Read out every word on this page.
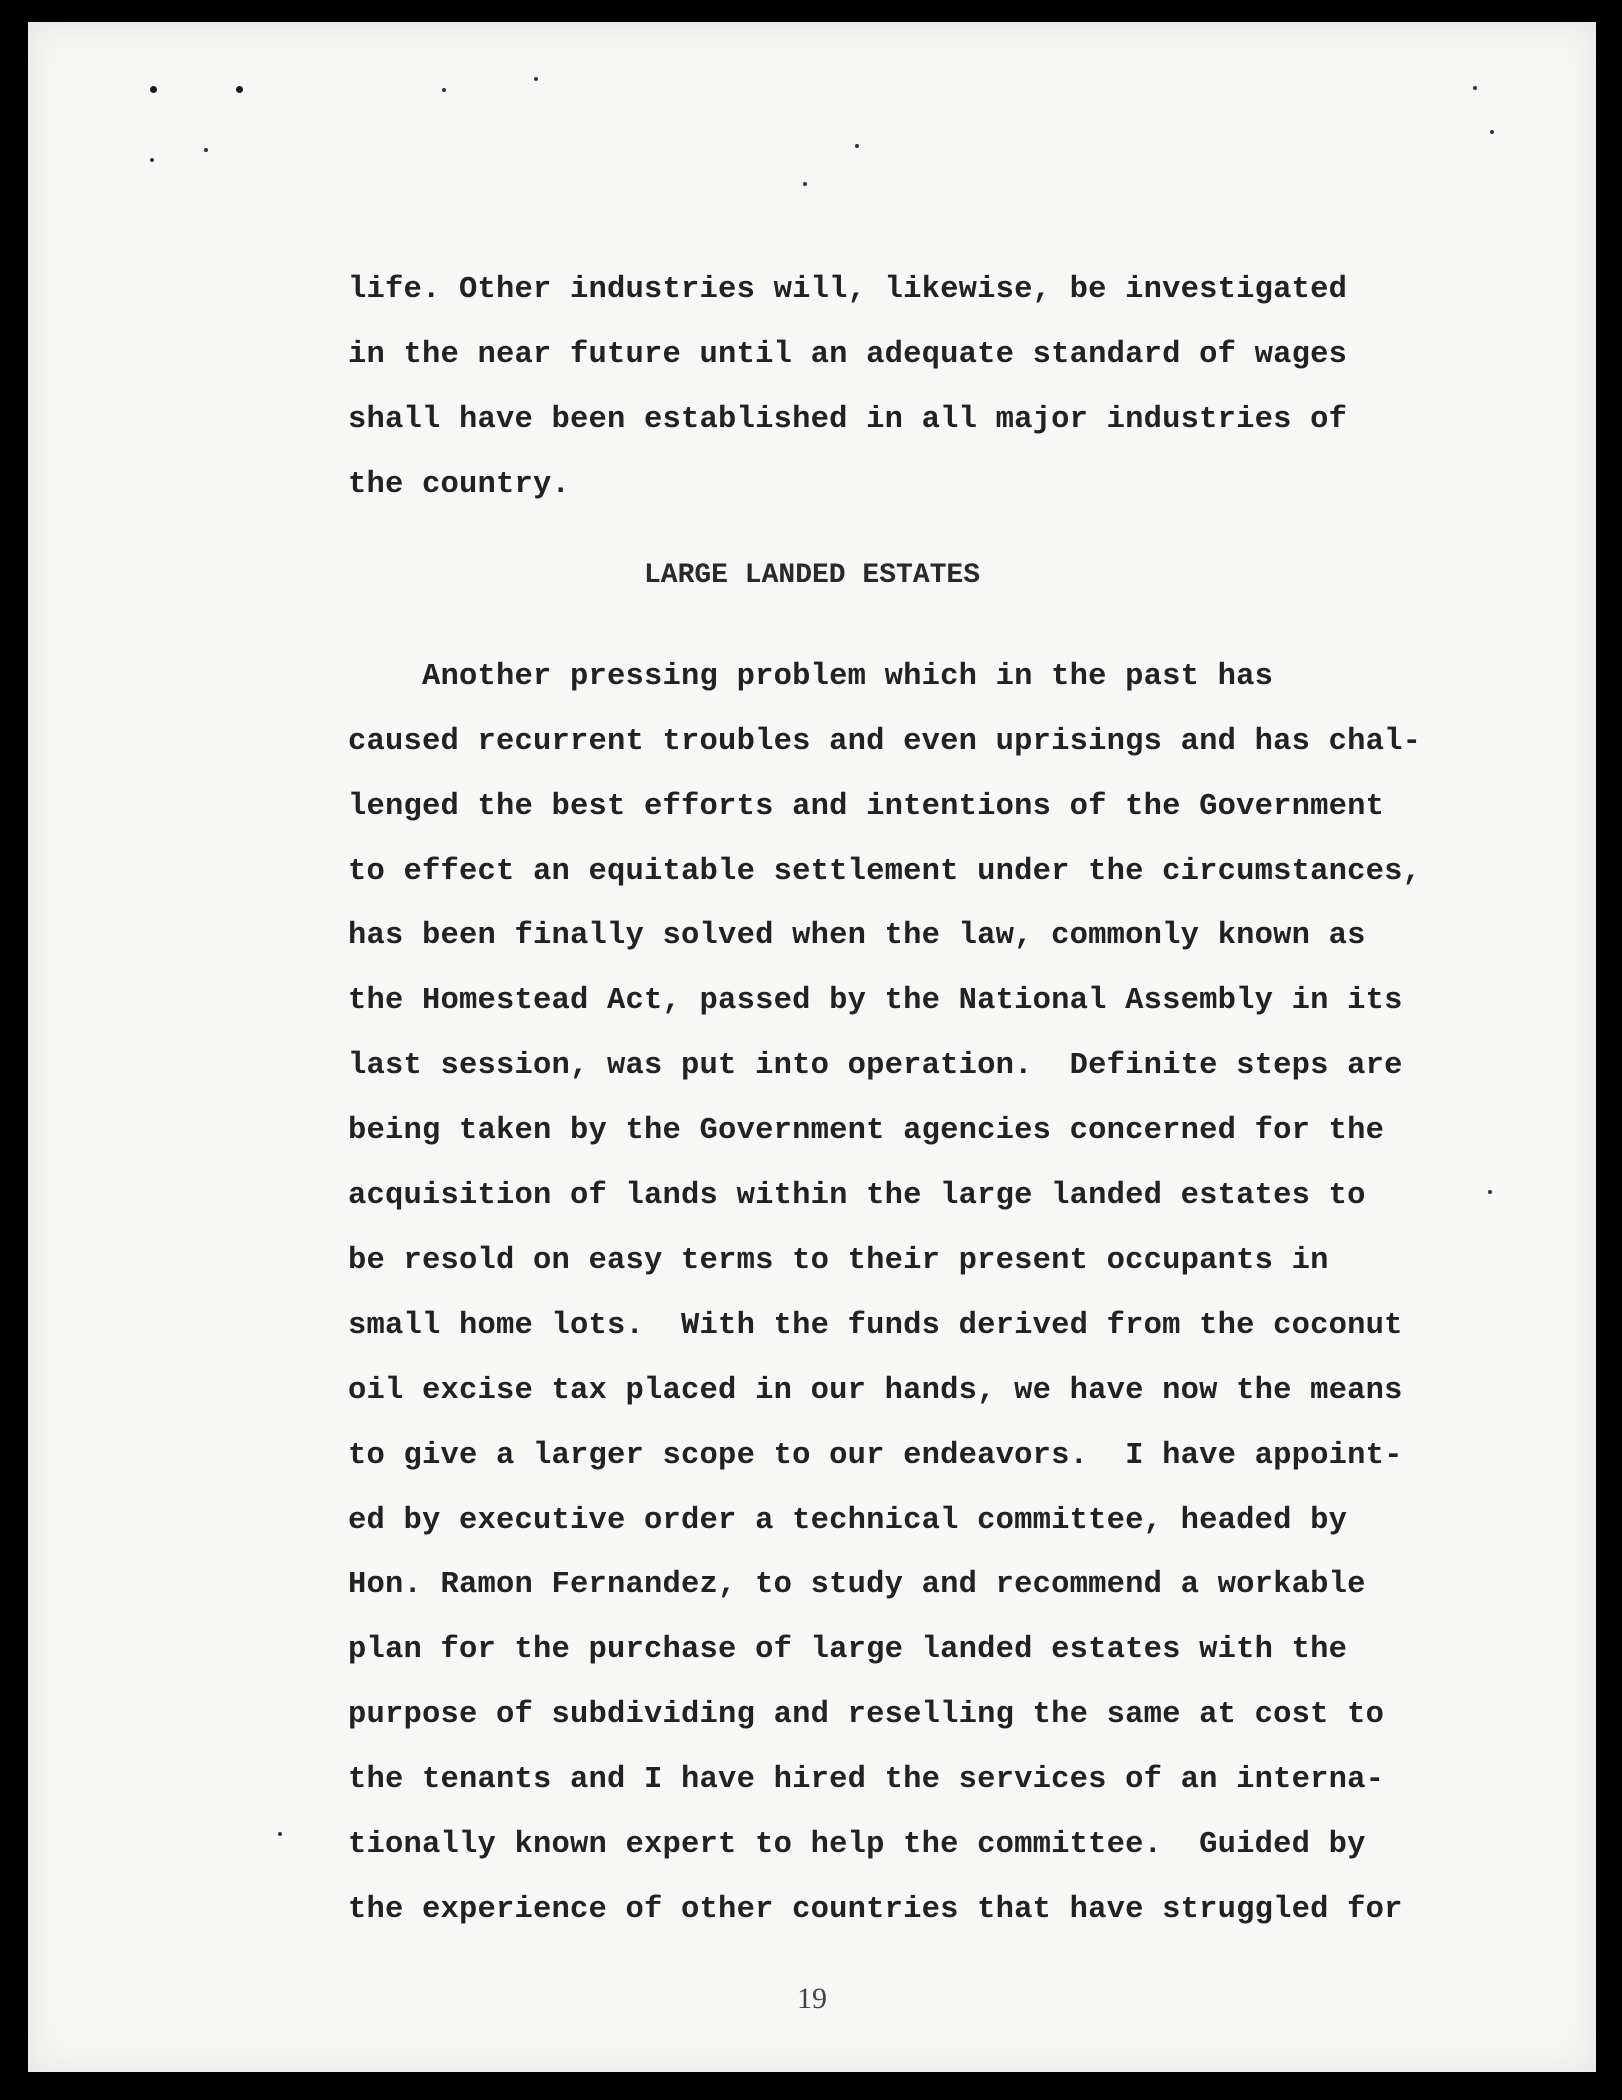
life. Other industries will, likewise, be investigated

in the near future until an adequate standard of wages

shall have been established in all major industries of

the country.

LARGE LANDED ESTATES

Another pressing problem which in the past has

caused recurrent troubles and even uprisings and has chal-

lenged the best efforts and intentions of the Government

to effect an equitable settlement under the circumstances,

has been finally solved when the law, commonly known as

the Homestead Act, passed by the National Assembly in its

last session, was put into operation.  Definite steps are

being taken by the Government agencies concerned for the

acquisition of lands within the large landed estates to

be resold on easy terms to their present occupants in

small home lots.  With the funds derived from the coconut

oil excise tax placed in our hands, we have now the means

to give a larger scope to our endeavors.  I have appoint-

ed by executive order a technical committee, headed by

Hon. Ramon Fernandez, to study and recommend a workable

plan for the purchase of large landed estates with the

purpose of subdividing and reselling the same at cost to

the tenants and I have hired the services of an interna-

tionally known expert to help the committee.  Guided by

the experience of other countries that have struggled for

19
